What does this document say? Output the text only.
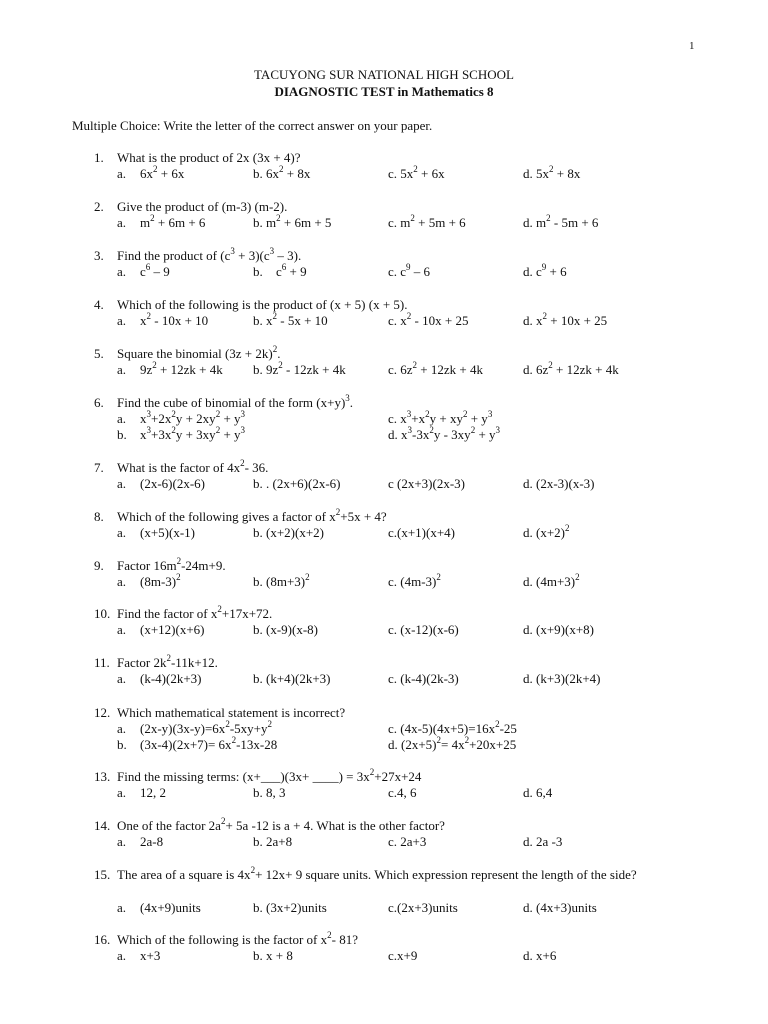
1
TACUYONG SUR NATIONAL HIGH SCHOOL
DIAGNOSTIC TEST in Mathematics 8
Multiple Choice: Write the letter of the correct answer on your paper.
1. What is the product of 2x (3x + 4)?
a. $6x^2 + 6x$	b. $6x^2 + 8x$	c. $5x^2 + 6x$	d. $5x^2 + 8x$
2. Give the product of (m-3) (m-2).
a. $m^2 + 6m + 6$	b. $m^2 + 6m + 5$	c. $m^2 + 5m + 6$	d. $m^2 - 5m + 6$
3. Find the product of $(c^3 + 3)(c^3 - 3)$.
a. $c^6 - 9$	b. $c^6 + 9$	c. $c^9 - 6$	d. $c^9 + 6$
4. Which of the following is the product of (x + 5) (x + 5).
a. $x^2 - 10x + 10$	b. $x^2 - 5x + 10$	c. $x^2 - 10x + 25$	d. $x^2 + 10x + 25$
5. Square the binomial $(3z + 2k)^2$.
a. $9z^2 + 12zk + 4k$ b. $9z^2 - 12zk + 4k$	c. $6z^2 + 12zk + 4k$	d. $6z^2 + 12zk + 4k$
6. Find the cube of binomial of the form $(x+y)^3$.
a. $x^3+2x^2y + 2xy^2 + y^3$
b. $x^3+3x^2y + 3xy^2 + y^3$
c. $x^3+x^2y + xy^2 + y^3$
d. $x^3-3x^2y - 3xy^2 + y^3$
7. What is the factor of $4x^2-$ 36.
a. (2x-6)(2x-6)	b. . (2x+6)(2x-6)	c (2x+3)(2x-3)	d. (2x-3)(x-3)
8. Which of the following gives a factor of $x^2+5x + 4$?
a. (x+5)(x-1)	b. (x+2)(x+2)	c.(x+1)(x+4)	d. $(x+2)^2$
9. Factor $16m^2-24m+9$.
a. $(8m-3)^2$	b. $(8m+3)^2$	c. $(4m-3)^2$	d. $(4m+3)^2$
10. Find the factor of $x^2+17x+72$.
a. (x+12)(x+6)	b. (x-9)(x-8)	c. (x-12)(x-6)	d. (x+9)(x+8)
11. Factor $2k^2-11k+12$.
a. (k-4)(2k+3)	b. (k+4)(2k+3)	c. (k-4)(2k-3)	d. (k+3)(2k+4)
12. Which mathematical statement is incorrect?
a. $(2x-y)(3x-y)=6x^2-5xy+y^2$
b. $(3x-4)(2x+7)= 6x^2-13x-28$
c. $(4x-5)(4x+5)=16x^2-25$
d. $(2x+5)^2= 4x^2+20x+25$
13. Find the missing terms: (x+___)(3x+ ____) = $3x^2+27x+24$
a. 12, 2	b. 8, 3	c.4, 6	d. 6,4
14. One of the factor $2a^2+ 5a$ -12 is a + 4. What is the other factor?
a. 2a-8	b. 2a+8	c. 2a+3	d. 2a -3
15. The area of a square is $4x^2+ 12x+ 9$ square units. Which expression represent the length of the side?
a. (4x+9)units	b. (3x+2)units	c.(2x+3)units	d. (4x+3)units
16. Which of the following is the factor of $x^2-$ 81?
a. x+3	b. x + 8	c.x+9	d. x+6
